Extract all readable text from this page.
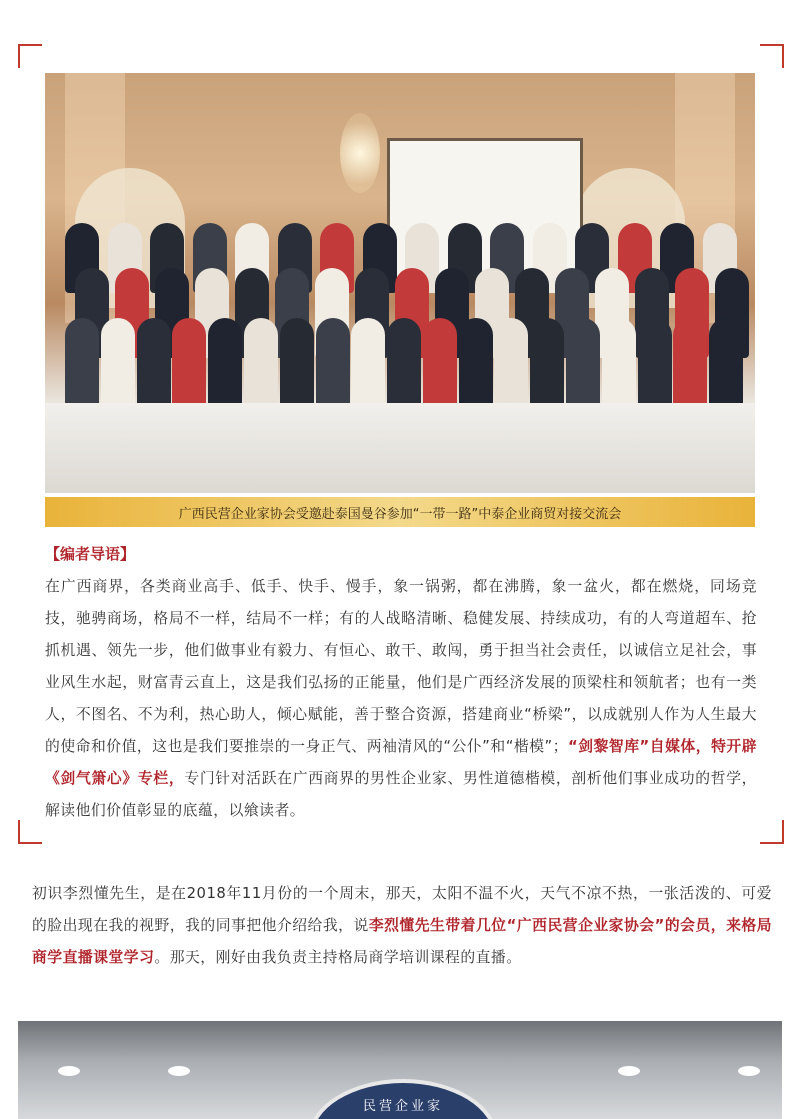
广西民营企业家协会受邀赴泰国曼谷参加“一带一路”中泰企业商贸对接交流会
【编者导语】
在广西商界，各类商业高手、低手、快手、慢手，象一锅粥，都在沸腾，象一盆火，都在燃烧，同场竞技，驰骋商场，格局不一样，结局不一样；有的人战略清晰、稳健发展、持续成功，有的人弯道超车、抢抓机遇、领先一步，他们做事业有毅力、有恒心、敢干、敢闯，勇于担当社会责任，以诚信立足社会，事业风生水起，财富青云直上，这是我们弘扬的正能量，他们是广西经济发展的顶梁柱和领航者；也有一类人，不图名、不为利，热心助人，倾心赋能，善于整合资源，搭建商业“桥梁”，以成就别人作为人生最大的使命和价值，这也是我们要推崇的一身正气、两袖清风的“公仆”和“楷模”；“剑黎智库”自媒体，特开辟《剑气箫心》专栏，专门针对活跃在广西商界的男性企业家、男性道德楷模，剖析他们事业成功的哲学，解读他们价值彰显的底蕴，以飨读者。
初识李烈懂先生，是在2018年11月份的一个周末，那天，太阳不温不火，天气不凉不热，一张活泼的、可爱的脸出现在我的视野，我的同事把他介绍给我，说李烈懂先生带着几位“广西民营企业家协会”的会员，来格局商学直播课堂学习。那天，刚好由我负责主持格局商学培训课程的直播。
民营企业家
